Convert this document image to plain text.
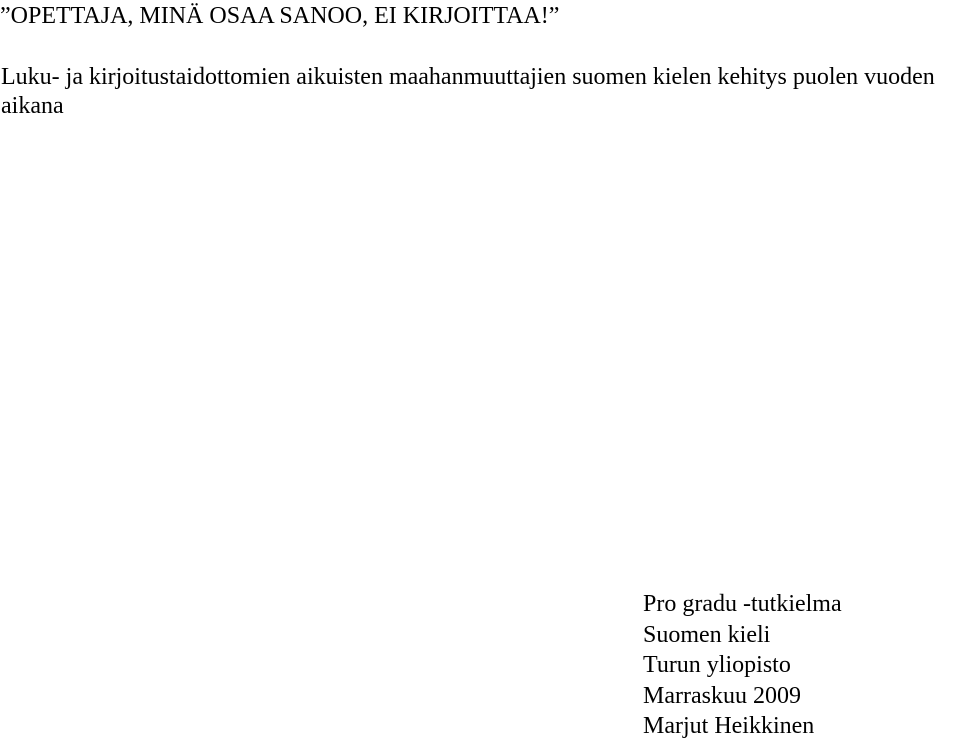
”OPETTAJA, MINÄ OSAA SANOO, EI KIRJOITTAA!”
Luku- ja kirjoitustaidottomien aikuisten maahanmuuttajien suomen kielen kehitys puolen vuoden aikana
Pro gradu -tutkielma
Suomen kieli
Turun yliopisto
Marraskuu 2009
Marjut Heikkinen
